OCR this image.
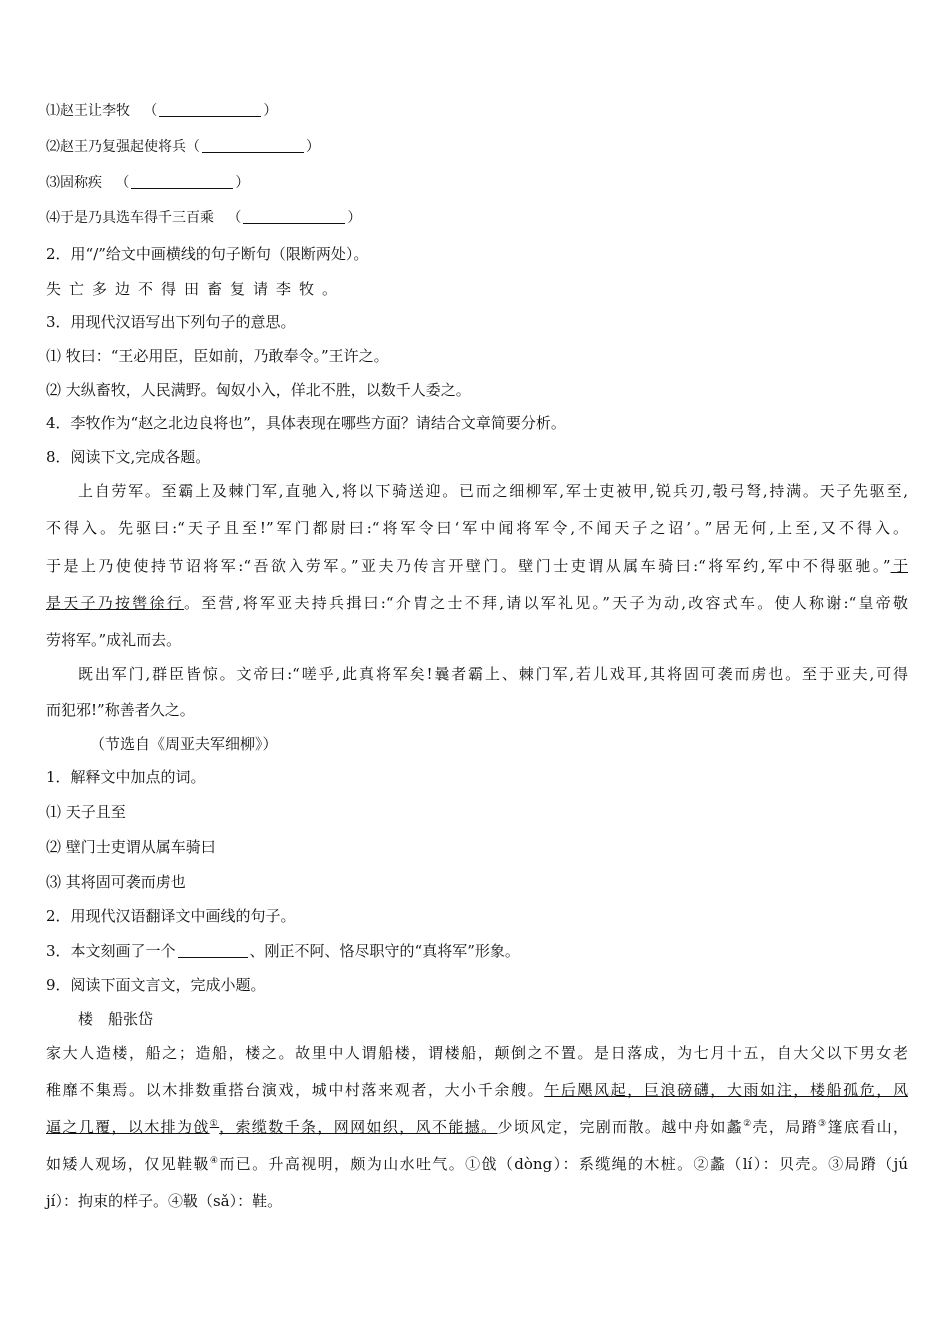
⑴赵王让李牧 （	）
⑵赵王乃复强起使将兵（	）
⑶固称疾 （	）
⑷于是乃具选车得千三百乘 （	）
2．用“/”给文中画横线的句子断句（限断两处）。
失亡多边不得田畜复请李牧。
3．用现代汉语写出下列句子的意思。
⑴ 牧曰：“王必用臣，臣如前，乃敢奉令。”王许之。
⑵ 大纵畜牧，人民满野。匈奴小入，佯北不胜，以数千人委之。
4．李牧作为“赵之北边良将也”，具体表现在哪些方面？请结合文章简要分析。
8．阅读下文,完成各题。
上自劳军。至霸上及棘门军,直驰入,将以下骑送迎。已而之细柳军,军士吏被甲,锐兵刃,彀弓弩,持满。天子先驱至,
不得入。先驱曰:“天子且至!”军门都尉曰:“将军令曰‘军中闻将军令,不闻天子之诏’。”居无何,上至,又不得入。
于是上乃使使持节诏将军:“吾欲入劳军。”亚夫乃传言开壁门。壁门士吏谓从属车骑曰:“将军约,军中不得驱驰。”于
是天子乃按辔徐行。至营,将军亚夫持兵揖曰:“介胄之士不拜,请以军礼见。”天子为动,改容式车。使人称谢:“皇帝敬
劳将军。”成礼而去。
既出军门,群臣皆惊。文帝曰:“嗟乎,此真将军矣!曩者霸上、棘门军,若儿戏耳,其将固可袭而虏也。至于亚夫,可得
而犯邪!”称善者久之。
（节选自《周亚夫军细柳》）
1．解释文中加点的词。
⑴ 天子且至
⑵ 壁门士吏谓从属车骑曰
⑶ 其将固可袭而虏也
2．用现代汉语翻译文中画线的句子。
3．本文刻画了一个	、刚正不阿、恪尽职守的“真将军”形象。
9．阅读下面文言文，完成小题。
楼　船张岱
家大人造楼，船之；造船，楼之。故里中人谓船楼，谓楼船，颠倒之不置。是日落成，为七月十五，自大父以下男女老
稚靡不集焉。以木排数重搭台演戏，城中村落来观者，大小千余艘。午后飓风起，巨浪磅礴，大雨如注，楼船孤危，风
逼之几覆，以木排为戗①，索缆数千条，网网如织，风不能撼。少顷风定，完剧而散。越中舟如蠡②壳，局蹐③篷底看山，
如矮人观场，仅见鞋靸④而已。升高视明，颇为山水吐气。①戗（dòng）：系缆绳的木桩。②蠡（lí）：贝壳。③局蹐（jú
jí）：拘束的样子。④靸（sǎ）：鞋。
